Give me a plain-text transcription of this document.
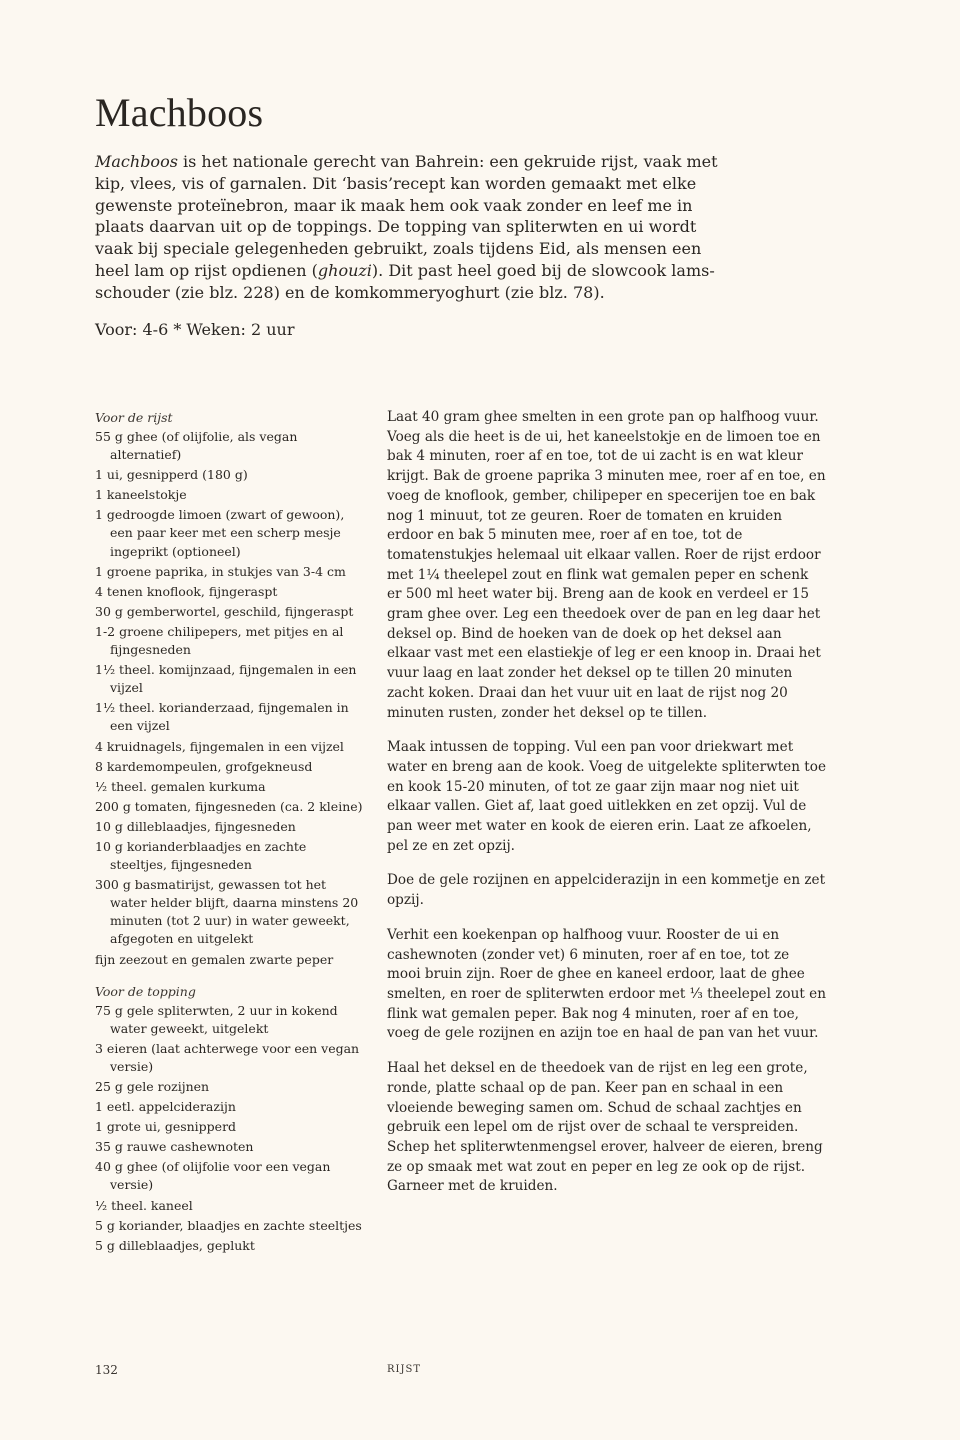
Machboos

Machboos is het nationale gerecht van Bahrein: een gekruide rijst, vaak met kip, vlees, vis of garnalen. Dit ‘basis’recept kan worden gemaakt met elke gewenste proteïnebron, maar ik maak hem ook vaak zonder en leef me in plaats daarvan uit op de toppings. De topping van spliterwten en ui wordt vaak bij speciale gelegenheden gebruikt, zoals tijdens Eid, als mensen een heel lam op rijst opdienen (ghouzi). Dit past heel goed bij de slowcook lamsschouder (zie blz. 228) en de komkommeryoghurt (zie blz. 78).

Voor: 4-6 * Weken: 2 uur

Voor de rijst

55 g ghee (of olijfolie, als vegan alternatief)
1 ui, gesnipperd (180 g)
1 kaneelstokje
1 gedroogde limoen (zwart of gewoon), een paar keer met een scherp mesje ingeprikt (optioneel)
1 groene paprika, in stukjes van 3-4 cm
4 tenen knoflook, fijngeraspt
30 g gemberwortel, geschild, fijngeraspt
1-2 groene chilipepers, met pitjes en al fijngesneden
1½ theel. komijnzaad, fijngemalen in een vijzel
1½ theel. korianderzaad, fijngemalen in een vijzel
4 kruidnagels, fijngemalen in een vijzel
8 kardemompeulen, grofgekneusd
½ theel. gemalen kurkuma
200 g tomaten, fijngesneden (ca. 2 kleine)
10 g dilleblaadjes, fijngesneden
10 g korianderblaadjes en zachte steeltjes, fijngesneden
300 g basmatirijst, gewassen tot het water helder blijft, daarna minstens 20 minuten (tot 2 uur) in water geweekt, afgegoten en uitgelekt
fijn zeezout en gemalen zwarte peper

Voor de topping

75 g gele spliterwten, 2 uur in kokend water geweekt, uitgelekt
3 eieren (laat achterwege voor een vegan versie)
25 g gele rozijnen
1 eetl. appelciderazijn
1 grote ui, gesnipperd
35 g rauwe cashewnoten
40 g ghee (of olijfolie voor een vegan versie)
½ theel. kaneel
5 g koriander, blaadjes en zachte steeltjes
5 g dilleblaadjes, geplukt

Laat 40 gram ghee smelten in een grote pan op halfhoog vuur. Voeg als die heet is de ui, het kaneelstokje en de limoen toe en bak 4 minuten, roer af en toe, tot de ui zacht is en wat kleur krijgt. Bak de groene paprika 3 minuten mee, roer af en toe, en voeg de knoflook, gember, chilipeper en specerijen toe en bak nog 1 minuut, tot ze geuren. Roer de tomaten en kruiden erdoor en bak 5 minuten mee, roer af en toe, tot de tomatenstukjes helemaal uit elkaar vallen. Roer de rijst erdoor met 1¼ theelepel zout en flink wat gemalen peper en schenk er 500 ml heet water bij. Breng aan de kook en verdeel er 15 gram ghee over. Leg een theedoek over de pan en leg daar het deksel op. Bind de hoeken van de doek op het deksel aan elkaar vast met een elastiekje of leg er een knoop in. Draai het vuur laag en laat zonder het deksel op te tillen 20 minuten zacht koken. Draai dan het vuur uit en laat de rijst nog 20 minuten rusten, zonder het deksel op te tillen.

Maak intussen de topping. Vul een pan voor driekwart met water en breng aan de kook. Voeg de uitgelekte spliterwten toe en kook 15-20 minuten, of tot ze gaar zijn maar nog niet uit elkaar vallen. Giet af, laat goed uitlekken en zet opzij. Vul de pan weer met water en kook de eieren erin. Laat ze afkoelen, pel ze en zet opzij.

Doe de gele rozijnen en appelciderazijn in een kommetje en zet opzij.

Verhit een koekenpan op halfhoog vuur. Rooster de ui en cashewnoten (zonder vet) 6 minuten, roer af en toe, tot ze mooi bruin zijn. Roer de ghee en kaneel erdoor, laat de ghee smelten, en roer de spliterwten erdoor met ⅓ theelepel zout en flink wat gemalen peper. Bak nog 4 minuten, roer af en toe, voeg de gele rozijnen en azijn toe en haal de pan van het vuur.

Haal het deksel en de theedoek van de rijst en leg een grote, ronde, platte schaal op de pan. Keer pan en schaal in een vloeiende beweging samen om. Schud de schaal zachtjes en gebruik een lepel om de rijst over de schaal te verspreiden. Schep het spliterwtenmengsel erover, halveer de eieren, breng ze op smaak met wat zout en peper en leg ze ook op de rijst. Garneer met de kruiden.

132	RIJST
